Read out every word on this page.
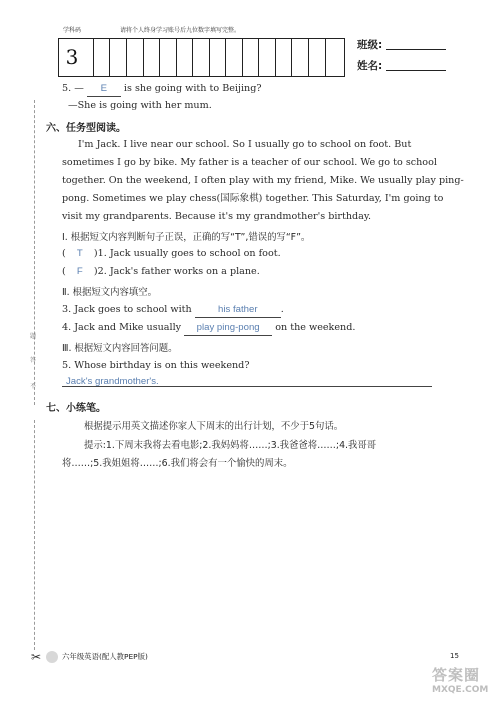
学科码	请将个人终身学习账号后九位数字填写完整。
3	班级:
姓名:
题
答
不
5. — E is she going with to Beijing?
—She is going with her mum.
六、任务型阅读。
I'm Jack. I live near our school. So I usually go to school on foot. But
sometimes I go by bike. My father is a teacher of our school. We go to school
together. On the weekend, I often play with my friend, Mike. We usually play ping-
pong. Sometimes we play chess(国际象棋) together. This Saturday, I'm going to
visit my grandparents. Because it's my grandmother's birthday.
Ⅰ. 根据短文内容判断句子正误，正确的写“T”,错误的写“F”。
( T )1. Jack usually goes to school on foot.
( F )2. Jack's father works on a plane.
Ⅱ. 根据短文内容填空。
3. Jack goes to school with	his father .
4. Jack and Mike usually play ping-pong on the weekend.
Ⅲ. 根据短文内容回答问题。
5. Whose birthday is on this weekend?
Jack's grandmother's.
七、小练笔。
根据提示用英文描述你家人下周末的出行计划，不少于5句话。
提示:1.下周末我将去看电影;2.我妈妈将……;3.我爸爸将……;4.我哥哥
将……;5.我姐姐将……;6.我们将会有一个愉快的周末。
✂	六年级英语(配人教PEP版)	15
答案圈
MXQE.COM
